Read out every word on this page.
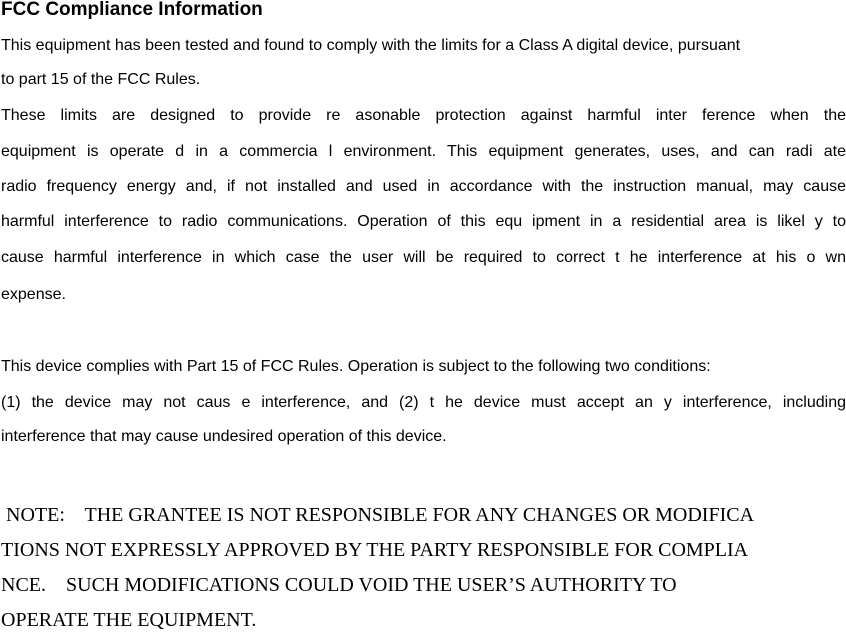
FCC Compliance Information
This equipment has been tested and found to comply with the limits for a Class A digital device, pursuant
to part 15 of the FCC Rules.
These limits are designed to provide re asonable protection against harmful inter ference when the
equipment is operate d in a commercia l environment. This equipment generates, uses, and can radi ate
radio frequency energy and, if not installed and used in accordance with the instruction manual, may cause
harmful interference to radio communications. Operation of this equ ipment in a residential area is likel y to
cause harmful interference in which case the user will be required to correct t he interference at his o wn
expense.
This device complies with Part 15 of FCC Rules. Operation is subject to the following two conditions:
(1) the device may not caus e interference, and (2) t he device must accept an y interference, including
interference that may cause undesired operation of this device.
NOTE:    THE GRANTEE IS NOT RESPONSIBLE FOR ANY CHANGES OR MODIFICA
TIONS NOT EXPRESSLY APPROVED BY THE PARTY RESPONSIBLE FOR COMPLIA
NCE.    SUCH MODIFICATIONS COULD VOID THE USER’S AUTHORITY TO
OPERATE THE EQUIPMENT.
